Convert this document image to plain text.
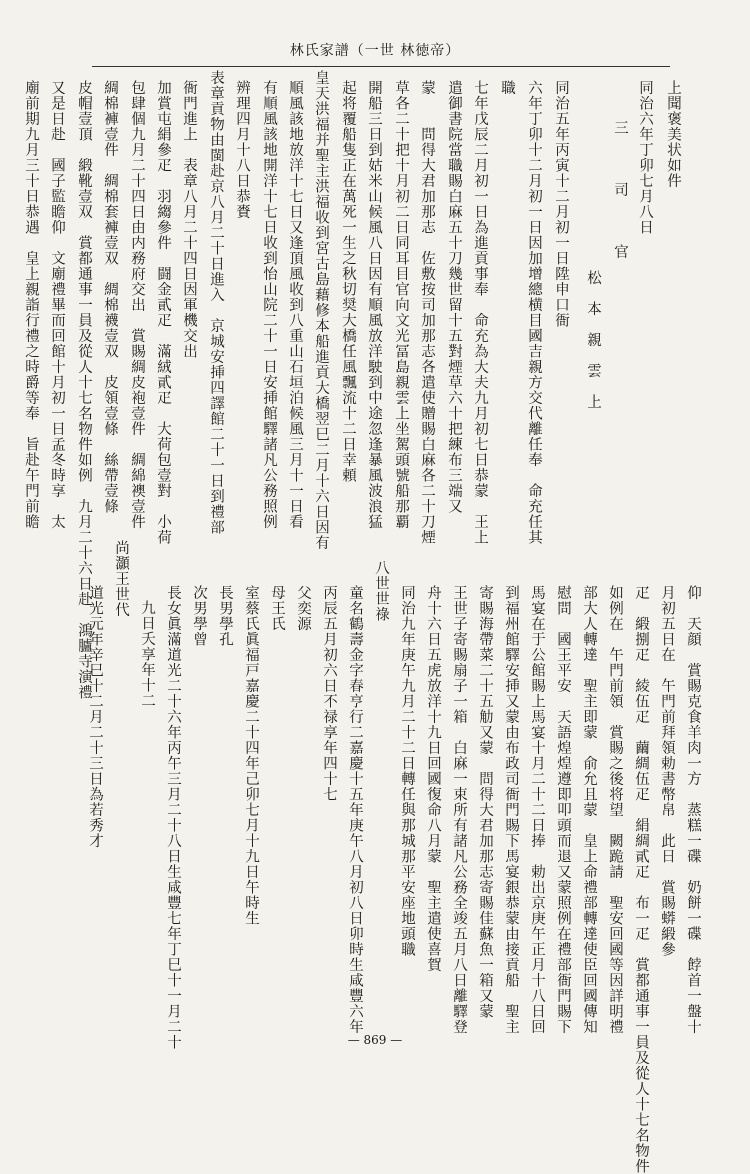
林氏家譜（一世 林徳帝）
上聞褒美状如件
同治六年丁卯七月八日
三　　　司　　　官
松　本　親　雲　上
同治五年丙寅十二月初一日陞申口衙
六年丁卯十二月初一日因加增總横目國吉親方交代離任奉　命充任其
職
七年戊辰二月初一日為進貢事奉　命充為大夫九月初七日恭蒙　王上
遣御書院當職賜白麻五十刀幾世留十五對煙草六十把練布三端又
蒙　　問得大君加那志　佐敷按司加那志各遣使贈賜白麻各二十刀煙
草各二十把十月初二日同耳目官向文光冨島親雲上坐駕頭號船那覇
開船三日到姑米山候風八日因有順風放洋駛到中途忽逢暴風波浪猛
起将覆船隻正在萬死一生之秋切奨大橋任風飄流十二日幸頼
皇天洪福并聖主洪福收到宮古島藉修本船進貢大橋翌巳二月十六日因有
順風該地放洋十七日又逢頂風收到八重山石垣泊候風三月十一日看
有順風該地開洋十七日收到怡山院二十一日安挿館驛諸凡公務照例
辨理四月十八日恭賚
表章貢物由閩赴京八月二十日進入　京城安挿四譯館二十一日到禮部
衙門進上　表章八月二十四日因軍機交出
加賞屯絹參疋　羽縐參件　闘金貳疋　滿絨貳疋　大荷包壹對　小荷
包肆個九月二十四日由内務府交出　賞賜綢皮袍壹件　綢綿襖壹件
綢棉褲壹件　綢棉套褲壹双　綢棉襪壹双　皮領壹條　絲帶壹條
皮帽壹頂　緞靴壹双　賞都通事一員及從人十七名物件如例　九月二十六日赴　鴻臚寺演禮
又是日赴　國子監瞻仰　文廟禮畢而回館十月初一日孟冬時享　太
廟前期九月三十日恭遇　皇上親詣行禮之時爵等奉　旨赴午門前瞻
仰　天顔　賞賜克食羊肉一方　蒸糕一碟　奶餅一碟　餑首一盤十
月初五日在　午門前拜領勅書幣帛　此日　賞賜蟒緞參
疋　緞捌疋　綾伍疋　繭綢伍疋　絹綢貳疋　布一疋　賞都通事一員及從人十七名物件
如例在　午門前領　賞賜之後将望　闕跪請　聖安回國等因詳明禮
部大人轉達　聖主即蒙　俞允且蒙　皇上命禮部轉達使臣回國傳知
慰問　國王平安　天語煌煌遵即叩頭而退又蒙照例在禮部衙門賜下
馬宴在于公館賜上馬宴十月二十二日捧　勅出京庚午正月十八日回
到福州館驛安挿又蒙由布政司衙門賜下馬宴銀恭蒙由接貢船　聖主
寄賜海帶菜二十五觔又蒙　問得大君加那志寄賜佳蘇魚一箱又蒙
王世子寄賜扇子一箱　白麻一束所有諸凡公務全竣五月八日離驛登
舟十六日五虎放洋十九日回國復命八月蒙　聖主遣使喜賀
同治九年庚午九月二十二日轉任與那城那平安座地頭職
八世世祿
童名鶴壽金字春亨行二嘉慶十五年庚午八月初八日卯時生咸豐六年
丙辰五月初六日不禄享年四十七
父奕源
母王氏
室蔡氏眞福戸嘉慶二十四年己卯七月十九日午時生
長男學孔
次男學曾
長女眞滿道光二十六年丙午三月二十八日生咸豐七年丁巳十一月二十
九日夭享年十二
尚灝王世代
道光元年辛巳十二月二十三日為若秀才
— 869 —
